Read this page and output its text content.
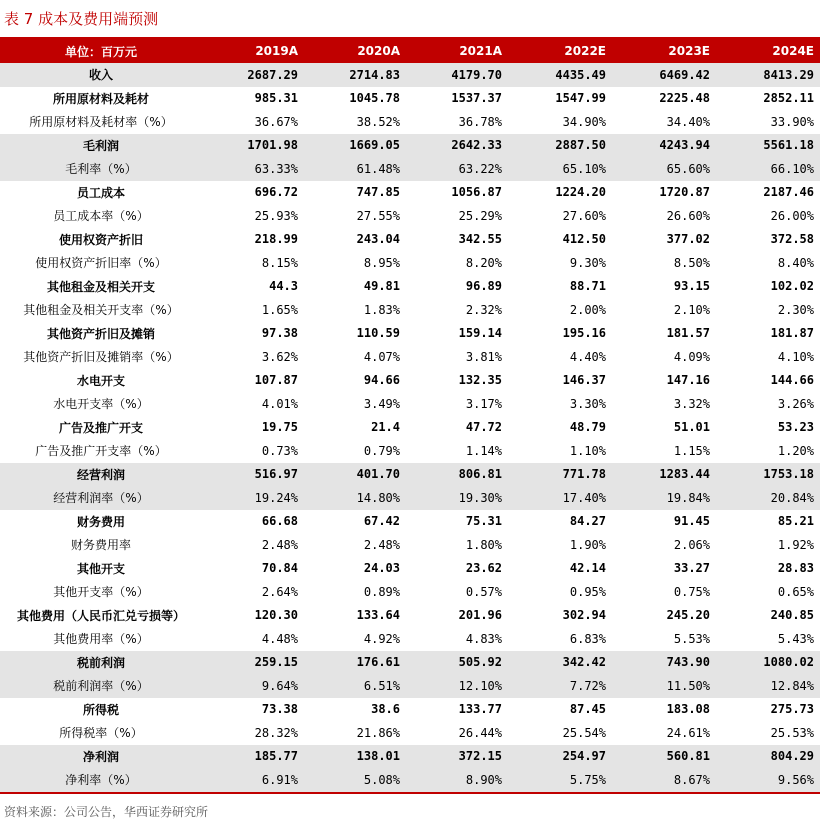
表 7 成本及费用端预测
单位：百万元	2019A	2020A	2021A	2022E	2023E	2024E
收入	2687.29	2714.83	4179.70	4435.49	6469.42	8413.29
所用原材料及耗材	985.31	1045.78	1537.37	1547.99	2225.48	2852.11
所用原材料及耗材率（%）	36.67%	38.52%	36.78%	34.90%	34.40%	33.90%
毛利润	1701.98	1669.05	2642.33	2887.50	4243.94	5561.18
毛利率（%）	63.33%	61.48%	63.22%	65.10%	65.60%	66.10%
员工成本	696.72	747.85	1056.87	1224.20	1720.87	2187.46
员工成本率（%）	25.93%	27.55%	25.29%	27.60%	26.60%	26.00%
使用权资产折旧	218.99	243.04	342.55	412.50	377.02	372.58
使用权资产折旧率（%）	8.15%	8.95%	8.20%	9.30%	8.50%	8.40%
其他租金及相关开支	44.3	49.81	96.89	88.71	93.15	102.02
其他租金及相关开支率（%）	1.65%	1.83%	2.32%	2.00%	2.10%	2.30%
其他资产折旧及摊销	97.38	110.59	159.14	195.16	181.57	181.87
其他资产折旧及摊销率（%）	3.62%	4.07%	3.81%	4.40%	4.09%	4.10%
水电开支	107.87	94.66	132.35	146.37	147.16	144.66
水电开支率（%）	4.01%	3.49%	3.17%	3.30%	3.32%	3.26%
广告及推广开支	19.75	21.4	47.72	48.79	51.01	53.23
广告及推广开支率（%）	0.73%	0.79%	1.14%	1.10%	1.15%	1.20%
经营利润	516.97	401.70	806.81	771.78	1283.44	1753.18
经营利润率（%）	19.24%	14.80%	19.30%	17.40%	19.84%	20.84%
财务费用	66.68	67.42	75.31	84.27	91.45	85.21
财务费用率	2.48%	2.48%	1.80%	1.90%	2.06%	1.92%
其他开支	70.84	24.03	23.62	42.14	33.27	28.83
其他开支率（%）	2.64%	0.89%	0.57%	0.95%	0.75%	0.65%
其他费用（人民币汇兑亏损等）	120.30	133.64	201.96	302.94	245.20	240.85
其他费用率（%）	4.48%	4.92%	4.83%	6.83%	5.53%	5.43%
税前利润	259.15	176.61	505.92	342.42	743.90	1080.02
税前利润率（%）	9.64%	6.51%	12.10%	7.72%	11.50%	12.84%
所得税	73.38	38.6	133.77	87.45	183.08	275.73
所得税率（%）	28.32%	21.86%	26.44%	25.54%	24.61%	25.53%
净利润	185.77	138.01	372.15	254.97	560.81	804.29
净利率（%）	6.91%	5.08%	8.90%	5.75%	8.67%	9.56%
资料来源：公司公告，华西证券研究所
